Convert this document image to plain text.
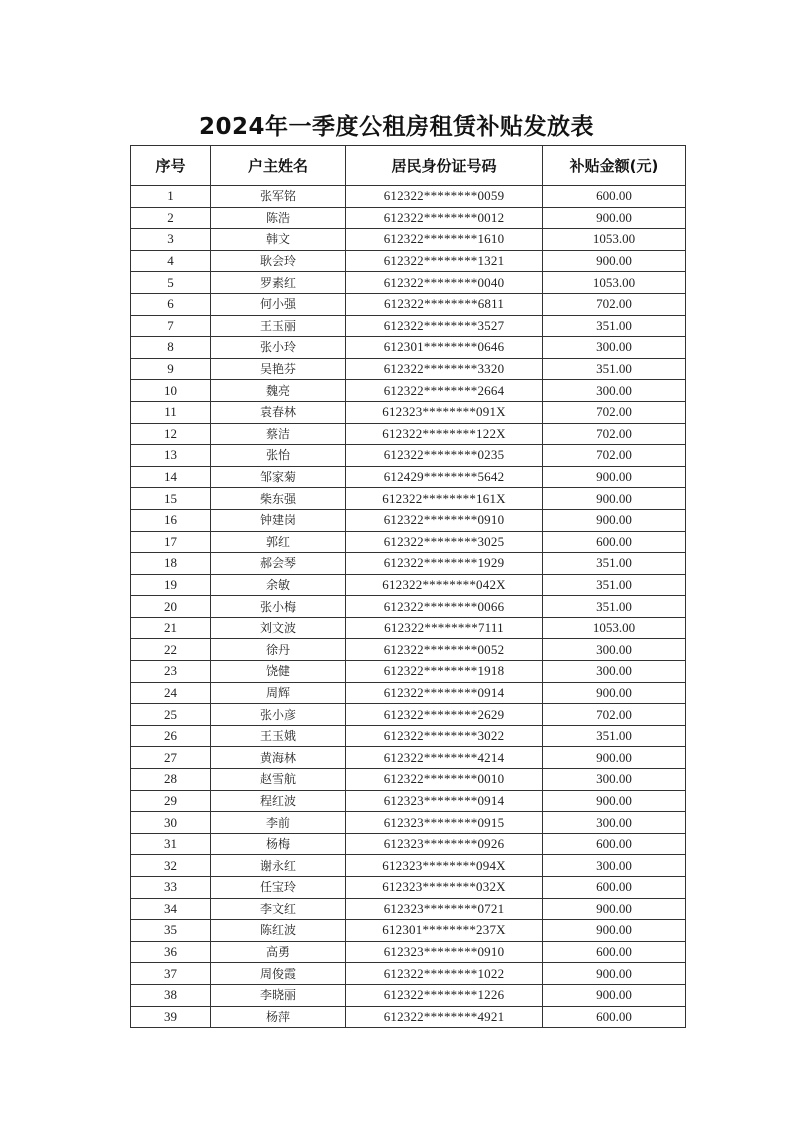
2024年一季度公租房租赁补贴发放表
序号	户主姓名	居民身份证号码	补贴金额(元)
1	张军铭	612322********0059	600.00
2	陈浩	612322********0012	900.00
3	韩文	612322********1610	1053.00
4	耿会玲	612322********1321	900.00
5	罗素红	612322********0040	1053.00
6	何小强	612322********6811	702.00
7	王玉丽	612322********3527	351.00
8	张小玲	612301********0646	300.00
9	吴艳芬	612322********3320	351.00
10	魏亮	612322********2664	300.00
11	袁春林	612323********091X	702.00
12	蔡洁	612322********122X	702.00
13	张怡	612322********0235	702.00
14	邹家菊	612429********5642	900.00
15	柴东强	612322********161X	900.00
16	钟建岗	612322********0910	900.00
17	郭红	612322********3025	600.00
18	郝会琴	612322********1929	351.00
19	余敏	612322********042X	351.00
20	张小梅	612322********0066	351.00
21	刘文波	612322********7111	1053.00
22	徐丹	612322********0052	300.00
23	饶健	612322********1918	300.00
24	周辉	612322********0914	900.00
25	张小彦	612322********2629	702.00
26	王玉娥	612322********3022	351.00
27	黄海林	612322********4214	900.00
28	赵雪航	612322********0010	300.00
29	程红波	612323********0914	900.00
30	李前	612323********0915	300.00
31	杨梅	612323********0926	600.00
32	谢永红	612323********094X	300.00
33	任宝玲	612323********032X	600.00
34	李文红	612323********0721	900.00
35	陈红波	612301********237X	900.00
36	高勇	612323********0910	600.00
37	周俊霞	612322********1022	900.00
38	李晓丽	612322********1226	900.00
39	杨萍	612322********4921	600.00
